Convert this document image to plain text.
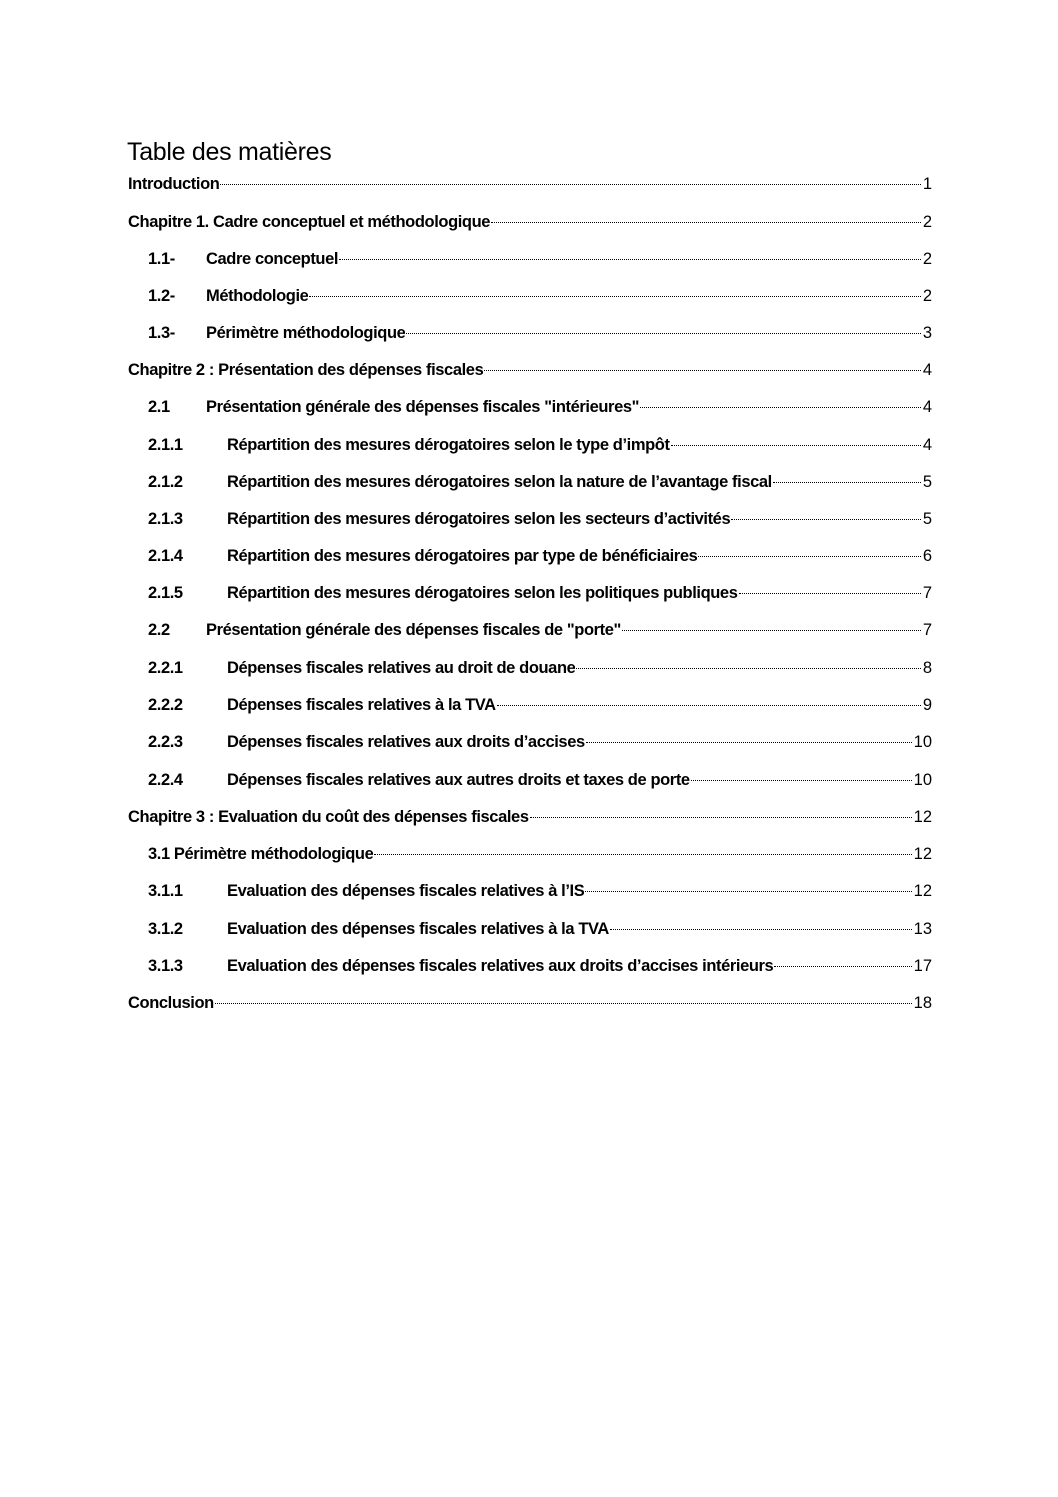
Table des matières
Introduction	1
Chapitre 1. Cadre conceptuel et méthodologique	2
1.1-	Cadre conceptuel	2
1.2-	Méthodologie	2
1.3-	Périmètre méthodologique	3
Chapitre 2 : Présentation des dépenses fiscales	4
2.1	Présentation générale des dépenses fiscales "intérieures"	4
2.1.1	Répartition des mesures dérogatoires selon le type d’impôt	4
2.1.2	Répartition des mesures dérogatoires selon la nature de l’avantage fiscal	5
2.1.3	Répartition des mesures dérogatoires selon les secteurs d’activités	5
2.1.4	Répartition des mesures dérogatoires par type de bénéficiaires	6
2.1.5	Répartition des mesures dérogatoires selon les politiques publiques	7
2.2	Présentation générale des dépenses fiscales de "porte"	7
2.2.1	Dépenses fiscales relatives au droit de douane	8
2.2.2	Dépenses fiscales relatives à la TVA	9
2.2.3	Dépenses fiscales relatives aux droits d’accises	10
2.2.4	Dépenses fiscales relatives aux autres droits et taxes de porte	10
Chapitre 3 : Evaluation du coût des dépenses fiscales	12
3.1 Périmètre méthodologique	12
3.1.1	Evaluation des dépenses fiscales relatives à l’IS	12
3.1.2	Evaluation des dépenses fiscales relatives à la TVA	13
3.1.3	Evaluation des dépenses fiscales relatives aux droits d’accises intérieurs	17
Conclusion	18
